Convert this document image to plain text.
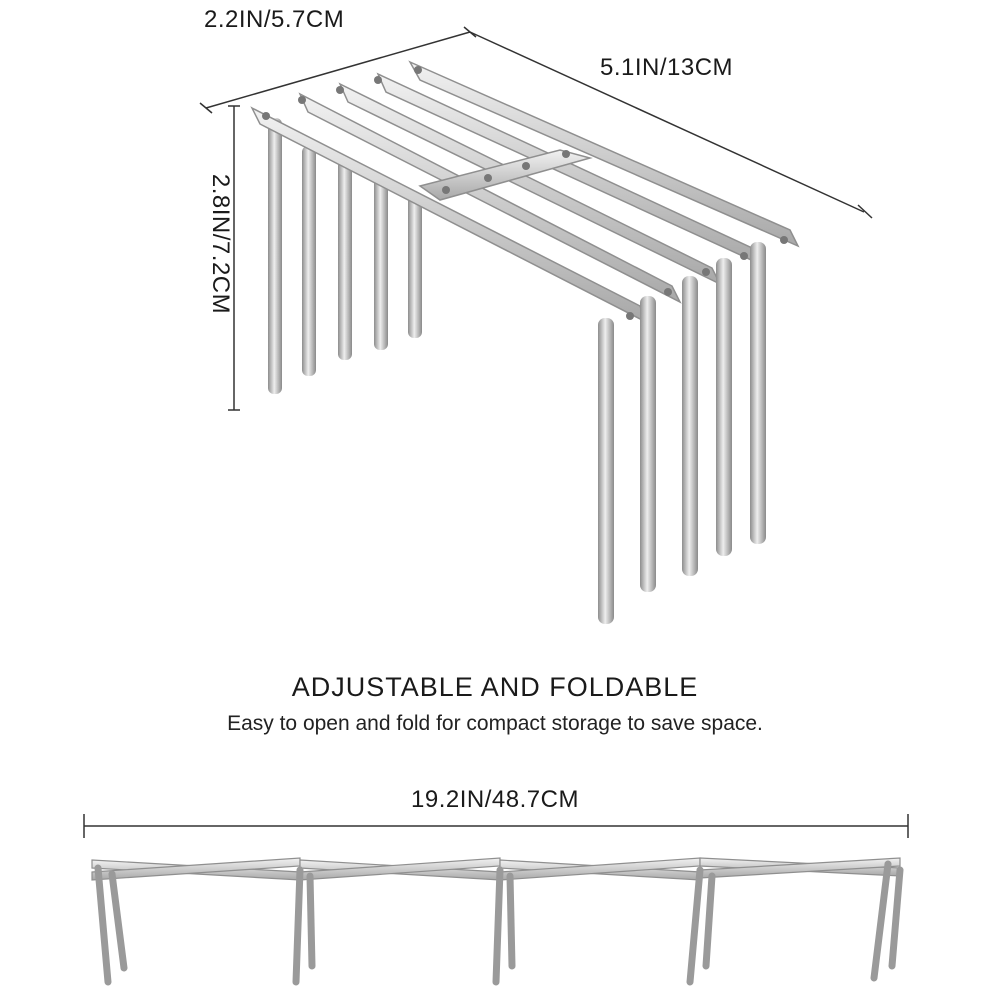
2.2IN/5.7CM
5.1IN/13CM
2.8IN/7.2CM
ADJUSTABLE AND FOLDABLE
Easy to open and fold for compact storage to save space.
19.2IN/48.7CM
